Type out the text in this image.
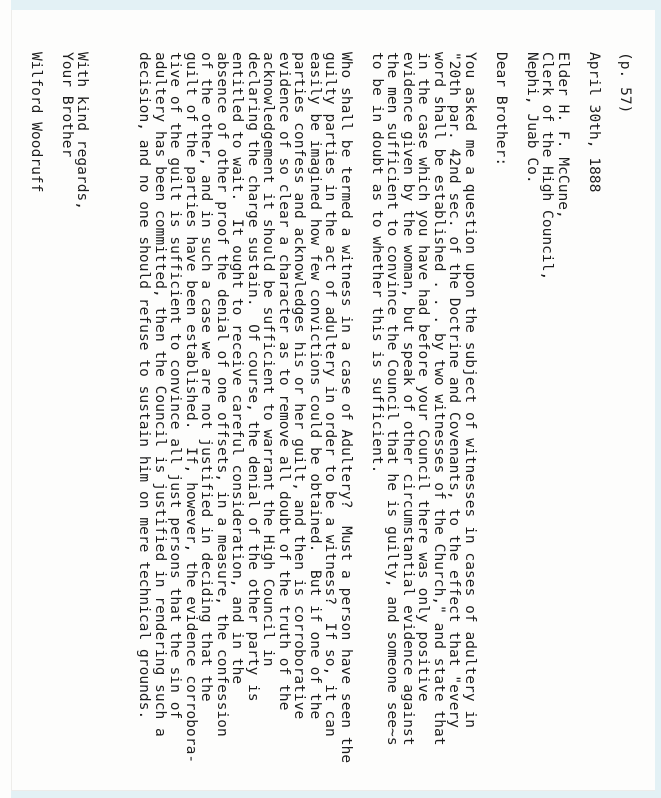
(p. 57)
April 30th, 1888
Elder H. F. McCune,
Clerk of the High Council,
Nephi, Juab Co.
Dear Brother:
You asked me a question upon the subject of witnesses in cases of adultery in
"20th par. 42nd sec. of the Doctrine and Covenants, to the effect that "every
word shall be established . . . by two witnesses of the Church," and state that
in the case which you have had before your Council there was only positive
evidence given by the woman, but speak of other circumstantial evidence against
the men sufficient to convince the Council that he is guilty, and someone see~s
to be in doubt as to whether this is sufficient.
Who shall be termed a witness in a case of Adultery?  Must a person have seen the
guilty parties in the act of adultery in order to be a witness?  If so, it can
easily be imagined how few convictions could be obtained.  But if one of the
parties confess and acknowledges his or her guilt, and then is corroborative
evidence of so clear a character as to remove all doubt of the truth of the
acknowledgement it should be sufficient to warrant the High Council in
declaring the charge sustain.  Of course, the denial of the other party is
entitled to wait.  It ought to receive careful consideration, and in the
absence of other proof the denial of one offsets, in a measure, the confession
of the other, and in such a case we are not justified in deciding that the
guilt of the parties have been established.  If, however, the evidence corrobora-
tive of the guilt is sufficient to convince all just persons that the sin of
adultery has been committed, then the Council is justified in rendering such a
decision, and no one should refuse to sustain him on mere technical grounds.
With kind regards,
Your Brother
Wilford Woodruff
